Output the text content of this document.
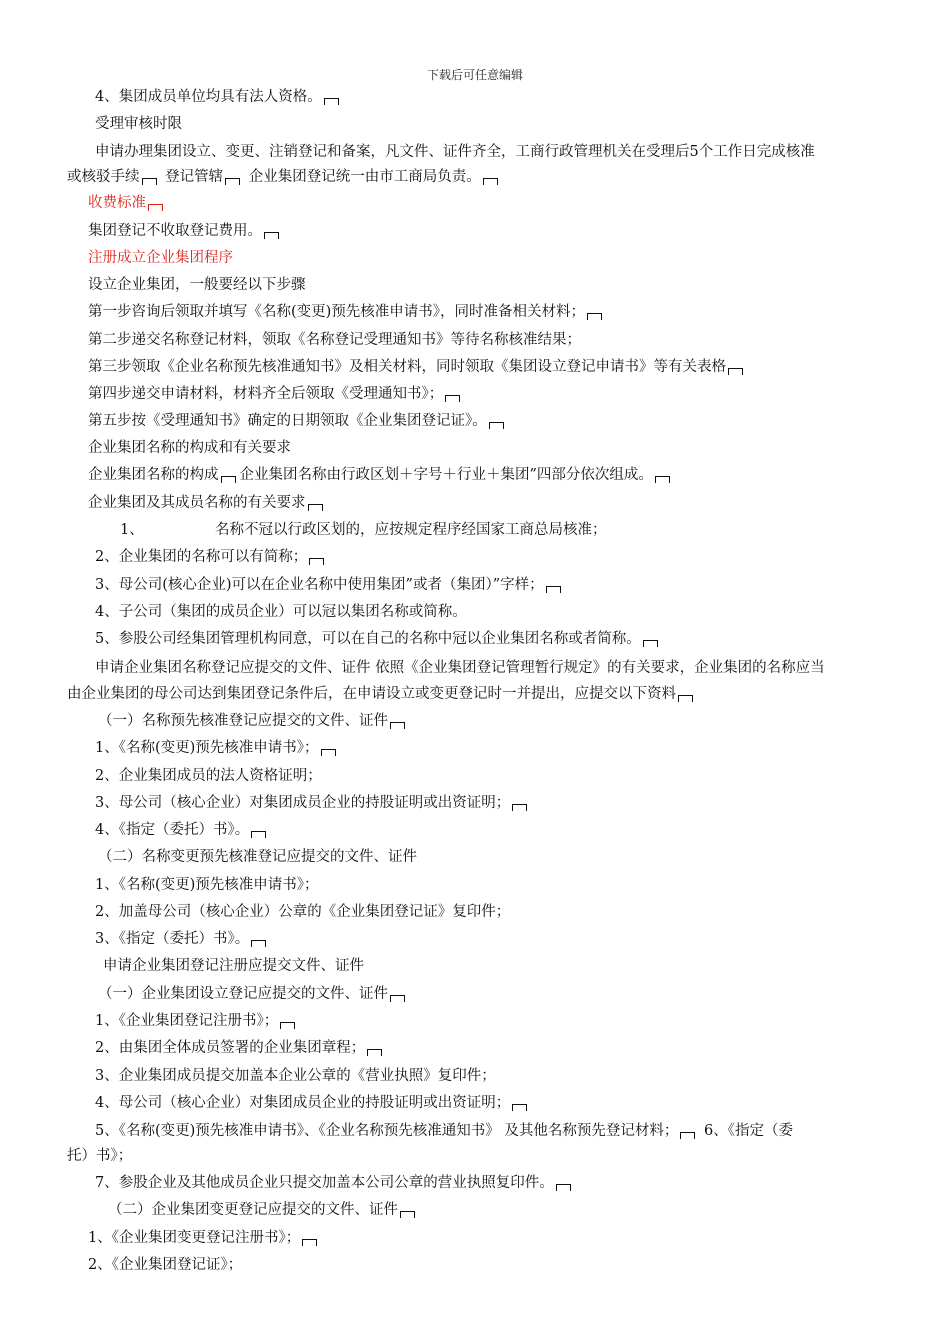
下载后可任意编辑
4、集团成员单位均具有法人资格。
受理审核时限
申请办理集团设立、变更、注销登记和备案，凡文件、证件齐全，工商行政管理机关在受理后5个工作日完成核准
或核驳手续 登记管辖 企业集团登记统一由市工商局负责。
收费标准
集团登记不收取登记费用。
注册成立企业集团程序
设立企业集团，一般要经以下步骤
第一步咨询后领取并填写《名称(变更)预先核准申请书》，同时准备相关材料；
第二步递交名称登记材料，领取《名称登记受理通知书》等待名称核准结果；
第三步领取《企业名称预先核准通知书》及相关材料，同时领取《集团设立登记申请书》等有关表格
第四步递交申请材料，材料齐全后领取《受理通知书》；
第五步按《受理通知书》确定的日期领取《企业集团登记证》。
企业集团名称的构成和有关要求
企业集团名称的构成 企业集团名称由行政区划＋字号＋行业＋集团”四部分依次组成。
企业集团及其成员名称的有关要求
1、	名称不冠以行政区划的，应按规定程序经国家工商总局核准；
2、企业集团的名称可以有简称；
3、母公司(核心企业)可以在企业名称中使用集团”或者（集团）”字样；
4、子公司（集团的成员企业）可以冠以集团名称或简称。
5、参股公司经集团管理机构同意，可以在自己的名称中冠以企业集团名称或者简称。
申请企业集团名称登记应提交的文件、证件 依照《企业集团登记管理暂行规定》的有关要求，企业集团的名称应当
由企业集团的母公司达到集团登记条件后，在申请设立或变更登记时一并提出，应提交以下资料
（一）名称预先核准登记应提交的文件、证件
1、《名称(变更)预先核准申请书》；
2、企业集团成员的法人资格证明；
3、母公司（核心企业）对集团成员企业的持股证明或出资证明；
4、《指定（委托）书》。
（二）名称变更预先核准登记应提交的文件、证件
1、《名称(变更)预先核准申请书》；
2、加盖母公司（核心企业）公章的《企业集团登记证》复印件；
3、《指定（委托）书》。
申请企业集团登记注册应提交文件、证件
（一）企业集团设立登记应提交的文件、证件
1、《企业集团登记注册书》；
2、由集团全体成员签署的企业集团章程；
3、企业集团成员提交加盖本企业公章的《营业执照》复印件；
4、母公司（核心企业）对集团成员企业的持股证明或出资证明；
5、《名称(变更)预先核准申请书》、《企业名称预先核准通知书》 及其他名称预先登记材料； 6、《指定（委
托）书》；
7、参股企业及其他成员企业只提交加盖本公司公章的营业执照复印件。
（二）企业集团变更登记应提交的文件、证件
1、《企业集团变更登记注册书》；
2、《企业集团登记证》；
